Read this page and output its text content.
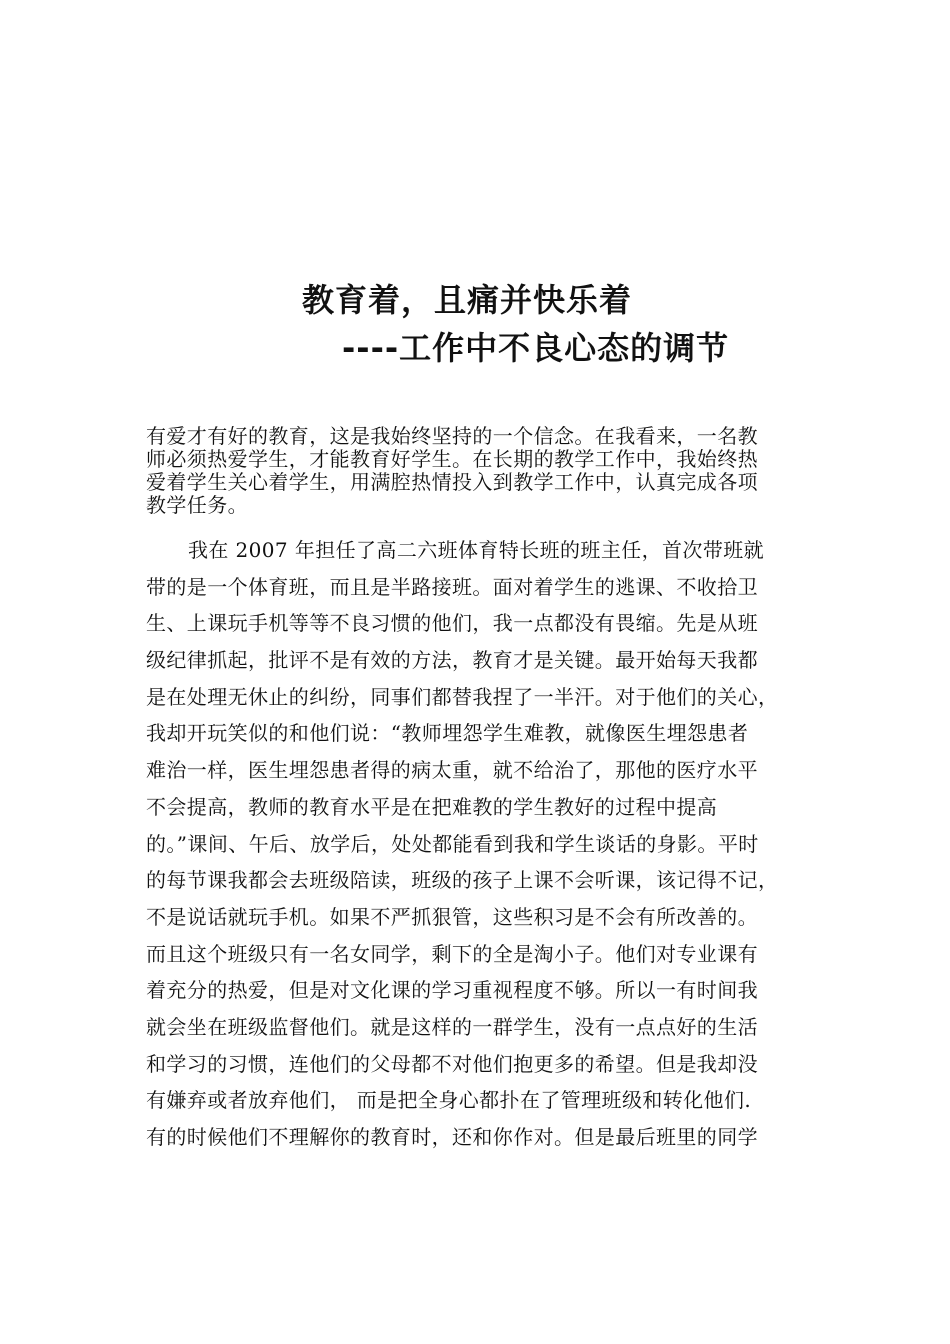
教育着，且痛并快乐着
----工作中不良心态的调节
有爱才有好的教育，这是我始终坚持的一个信念。在我看来，一名教
师必须热爱学生，才能教育好学生。在长期的教学工作中，我始终热
爱着学生关心着学生，用满腔热情投入到教学工作中，认真完成各项
教学任务。
我在 2007 年担任了高二六班体育特长班的班主任，首次带班就
带的是一个体育班，而且是半路接班。面对着学生的逃课、不收拾卫
生、上课玩手机等等不良习惯的他们，我一点都没有畏缩。先是从班
级纪律抓起，批评不是有效的方法，教育才是关键。最开始每天我都
是在处理无休止的纠纷，同事们都替我捏了一半汗。对于他们的关心，
我却开玩笑似的和他们说：“教师埋怨学生难教，就像医生埋怨患者
难治一样，医生埋怨患者得的病太重，就不给治了，那他的医疗水平
不会提高，教师的教育水平是在把难教的学生教好的过程中提高
的。”课间、午后、放学后，处处都能看到我和学生谈话的身影。平时
的每节课我都会去班级陪读，班级的孩子上课不会听课，该记得不记，
不是说话就玩手机。如果不严抓狠管，这些积习是不会有所改善的。
而且这个班级只有一名女同学，剩下的全是淘小子。他们对专业课有
着充分的热爱，但是对文化课的学习重视程度不够。所以一有时间我
就会坐在班级监督他们。就是这样的一群学生，没有一点点好的生活
和学习的习惯，连他们的父母都不对他们抱更多的希望。但是我却没
有嫌弃或者放弃他们， 而是把全身心都扑在了管理班级和转化他们.
有的时候他们不理解你的教育时，还和你作对。但是最后班里的同学
